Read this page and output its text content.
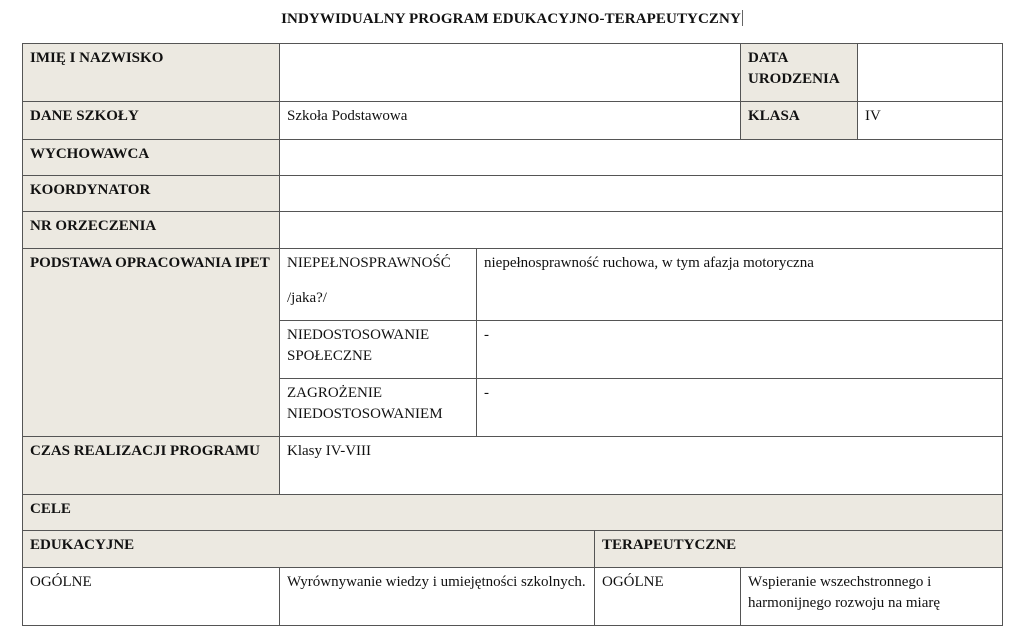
INDYWIDUALNY PROGRAM EDUKACYJNO-TERAPEUTYCZNY
IMIĘ I NAZWISKO				DATA
URODZENIA	

DANE SZKOŁY	Szkoła Podstawowa			KLASA	IV
WYCHOWAWCA					
KOORDYNATOR					
NR ORZECZENIA					
PODSTAWA OPRACOWANIA IPET	NIEPEŁNOSPRAWNOŚĆ
/jaka?/	niepełnosprawność ruchowa, w tym afazja motoryczna			

	NIEDOSTOSOWANIE
SPOŁECZNE	-			

	ZAGROŻENIE
NIEDOSTOSOWANIEM	-			
CZAS REALIZACJI PROGRAMU	Klasy IV-VIII				
CELE					
EDUKACYJNE			TERAPEUTYCZNE		
OGÓLNE	Wyrównywanie wiedzy i umiejętności szkolnych.		OGÓLNE	Wspieranie wszechstronnego i harmonijnego rozwoju na miarę	
